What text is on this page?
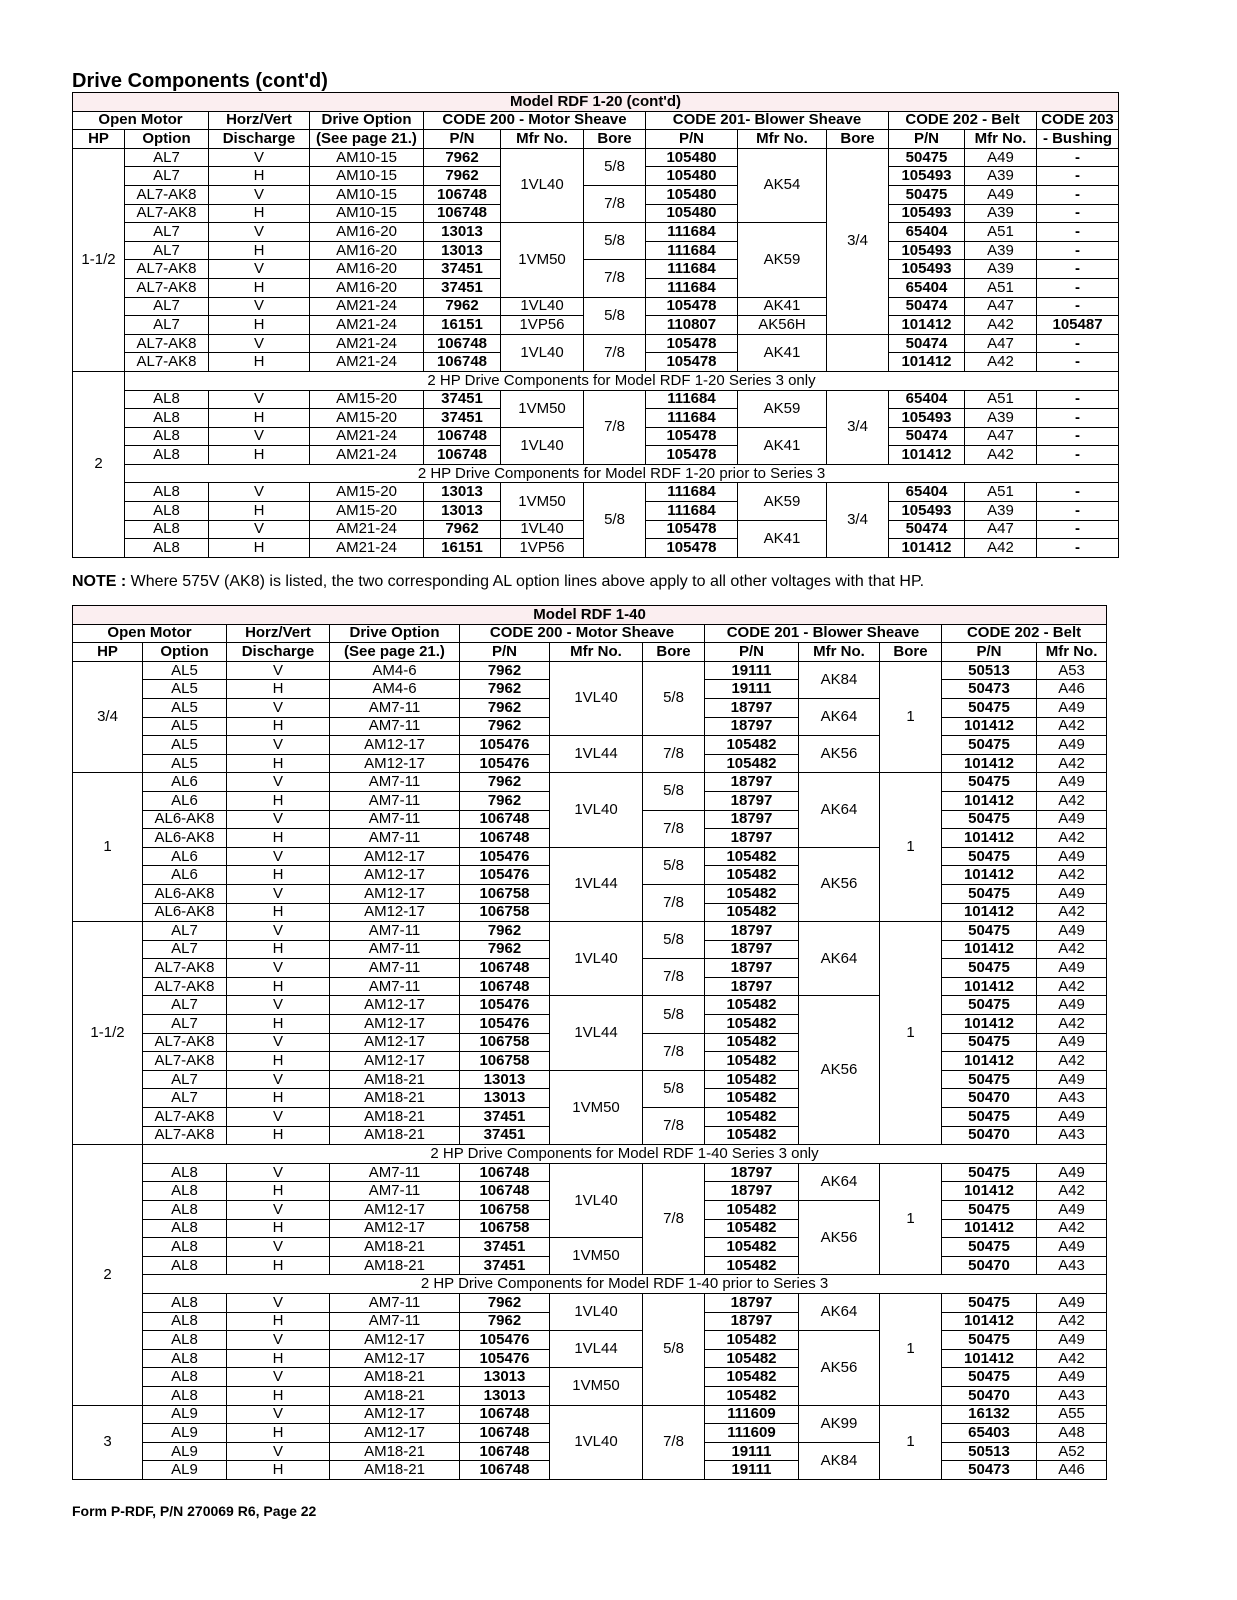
Drive Components (cont'd)
Model RDF 1-20 (cont'd)												
Open Motor		Horz/Vert	Drive Option	CODE 200 - Motor Sheave			CODE 201- Blower Sheave			CODE 202 - Belt		CODE 203
HP	Option	Discharge	(See page 21.)	P/N	Mfr No.	Bore	P/N	Mfr No.	Bore	P/N	Mfr No.	- Bushing
1-1/2	AL7	V	AM10-15	7962	1VL40	5/8	105480	AK54	3/4	50475	A49	-
	AL7	H	AM10-15	7962			105480			105493	A39	-
	AL7-AK8	V	AM10-15	106748		7/8	105480			50475	A49	-
	AL7-AK8	H	AM10-15	106748			105480			105493	A39	-
	AL7	V	AM16-20	13013	1VM50	5/8	111684	AK59		65404	A51	-
	AL7	H	AM16-20	13013			111684			105493	A39	-
	AL7-AK8	V	AM16-20	37451		7/8	111684			105493	A39	-
	AL7-AK8	H	AM16-20	37451			111684			65404	A51	-
	AL7	V	AM21-24	7962	1VL40	5/8	105478	AK41		50474	A47	-
	AL7	H	AM21-24	16151	1VP56		110807	AK56H		101412	A42	105487
	AL7-AK8	V	AM21-24	106748	1VL40	7/8	105478	AK41		50474	A47	-
	AL7-AK8	H	AM21-24	106748			105478			101412	A42	-
2	2 HP Drive Components for Model RDF 1-20 Series 3 only											
	AL8	V	AM15-20	37451	1VM50	7/8	111684	AK59	3/4	65404	A51	-
	AL8	H	AM15-20	37451			111684			105493	A39	-
	AL8	V	AM21-24	106748	1VL40		105478	AK41		50474	A47	-
	AL8	H	AM21-24	106748			105478			101412	A42	-
	2 HP Drive Components for Model RDF 1-20 prior to Series 3											
	AL8	V	AM15-20	13013	1VM50	5/8	111684	AK59	3/4	65404	A51	-
	AL8	H	AM15-20	13013			111684			105493	A39	-
	AL8	V	AM21-24	7962	1VL40		105478	AK41		50474	A47	-
	AL8	H	AM21-24	16151	1VP56		105478			101412	A42	-
NOTE : Where 575V (AK8) is listed, the two corresponding AL option lines above apply to all other voltages with that HP.
Model RDF 1-40											
Open Motor		Horz/Vert	Drive Option	CODE 200 - Motor Sheave			CODE 201 - Blower Sheave			CODE 202 - Belt	
HP	Option	Discharge	(See page 21.)	P/N	Mfr No.	Bore	P/N	Mfr No.	Bore	P/N	Mfr No.
3/4	AL5	V	AM4-6	7962	1VL40	5/8	19111	AK84	1	50513	A53
	AL5	H	AM4-6	7962			19111			50473	A46
	AL5	V	AM7-11	7962			18797	AK64		50475	A49
	AL5	H	AM7-11	7962			18797			101412	A42
	AL5	V	AM12-17	105476	1VL44	7/8	105482	AK56		50475	A49
	AL5	H	AM12-17	105476			105482			101412	A42
1	AL6	V	AM7-11	7962	1VL40	5/8	18797	AK64	1	50475	A49
	AL6	H	AM7-11	7962			18797			101412	A42
	AL6-AK8	V	AM7-11	106748		7/8	18797			50475	A49
	AL6-AK8	H	AM7-11	106748			18797			101412	A42
	AL6	V	AM12-17	105476	1VL44	5/8	105482	AK56		50475	A49
	AL6	H	AM12-17	105476			105482			101412	A42
	AL6-AK8	V	AM12-17	106758		7/8	105482			50475	A49
	AL6-AK8	H	AM12-17	106758			105482			101412	A42
1-1/2	AL7	V	AM7-11	7962	1VL40	5/8	18797	AK64	1	50475	A49
	AL7	H	AM7-11	7962			18797			101412	A42
	AL7-AK8	V	AM7-11	106748		7/8	18797			50475	A49
	AL7-AK8	H	AM7-11	106748			18797			101412	A42
	AL7	V	AM12-17	105476	1VL44	5/8	105482	AK56		50475	A49
	AL7	H	AM12-17	105476			105482			101412	A42
	AL7-AK8	V	AM12-17	106758		7/8	105482			50475	A49
	AL7-AK8	H	AM12-17	106758			105482			101412	A42
	AL7	V	AM18-21	13013	1VM50	5/8	105482			50475	A49
	AL7	H	AM18-21	13013			105482			50470	A43
	AL7-AK8	V	AM18-21	37451		7/8	105482			50475	A49
	AL7-AK8	H	AM18-21	37451			105482			50470	A43
2	2 HP Drive Components for Model RDF 1-40 Series 3 only										
	AL8	V	AM7-11	106748	1VL40	7/8	18797	AK64	1	50475	A49
	AL8	H	AM7-11	106748			18797			101412	A42
	AL8	V	AM12-17	106758			105482	AK56		50475	A49
	AL8	H	AM12-17	106758			105482			101412	A42
	AL8	V	AM18-21	37451	1VM50		105482			50475	A49
	AL8	H	AM18-21	37451			105482			50470	A43
	2 HP Drive Components for Model RDF 1-40 prior to Series 3										
	AL8	V	AM7-11	7962	1VL40	5/8	18797	AK64	1	50475	A49
	AL8	H	AM7-11	7962			18797			101412	A42
	AL8	V	AM12-17	105476	1VL44		105482	AK56		50475	A49
	AL8	H	AM12-17	105476			105482			101412	A42
	AL8	V	AM18-21	13013	1VM50		105482			50475	A49
	AL8	H	AM18-21	13013			105482			50470	A43
3	AL9	V	AM12-17	106748	1VL40	7/8	111609	AK99	1	16132	A55
	AL9	H	AM12-17	106748			111609			65403	A48
	AL9	V	AM18-21	106748			19111	AK84		50513	A52
	AL9	H	AM18-21	106748			19111			50473	A46
Form P-RDF, P/N 270069 R6, Page 22
